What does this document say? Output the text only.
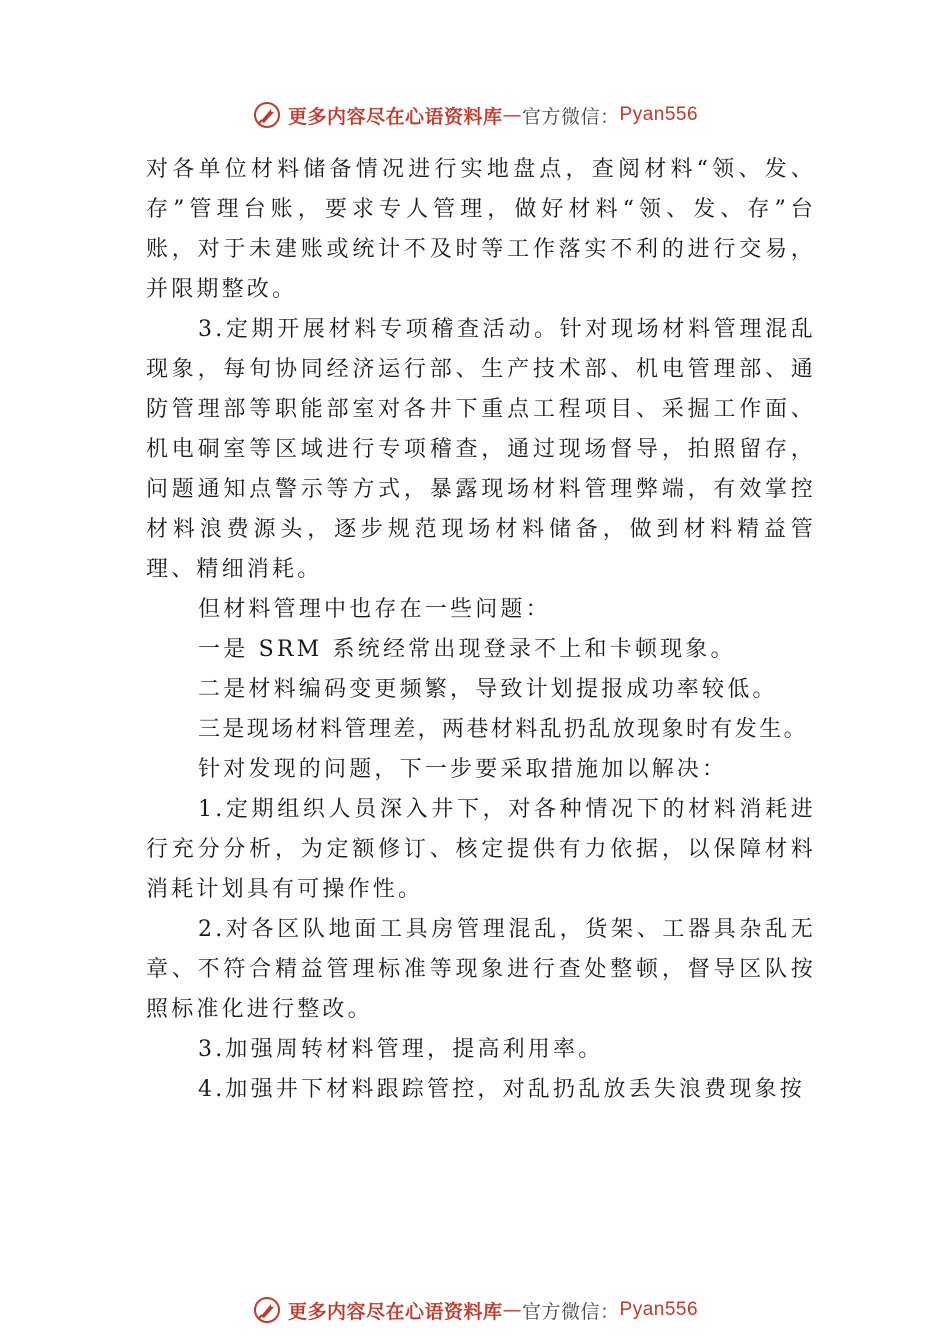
更多内容尽在心语资料库 — 官方微信 ： Pyan556

对各单位材料储备情况进行实地盘点，查阅材料“领、发、存”管理台账，要求专人管理，做好材料“领、发、存”台账，对于未建账或统计不及时等工作落实不利的进行交易，并限期整改。

3.定期开展材料专项稽查活动。针对现场材料管理混乱现象，每旬协同经济运行部、生产技术部、机电管理部、通防管理部等职能部室对各井下重点工程项目、采掘工作面、 机电硐室等区域进行专项稽查，通过现场督导，拍照留存， 问题通知点警示等方式，暴露现场材料管理弊端，有效掌控材料浪费源头，逐步规范现场材料储备，做到材料精益管理、精细消耗。

但材料管理中也存在一些问题：

一是 SRM 系统经常出现登录不上和卡顿现象。

二是材料编码变更频繁，导致计划提报成功率较低。

三是现场材料管理差，两巷材料乱扔乱放现象时有发生。

针对发现的问题，下一步要采取措施加以解决：

1.定期组织人员深入井下，对各种情况下的材料消耗进行充分分析，为定额修订、核定提供有力依据，以保障材料消耗计划具有可操作性。

2.对各区队地面工具房管理混乱，货架、工器具杂乱无章、不符合精益管理标准等现象进行查处整顿，督导区队按照标准化进行整改。

3.加强周转材料管理，提高利用率。

4.加强井下材料跟踪管控，对乱扔乱放丢失浪费现象按

更多内容尽在心语资料库 — 官方微信 ： Pyan556
